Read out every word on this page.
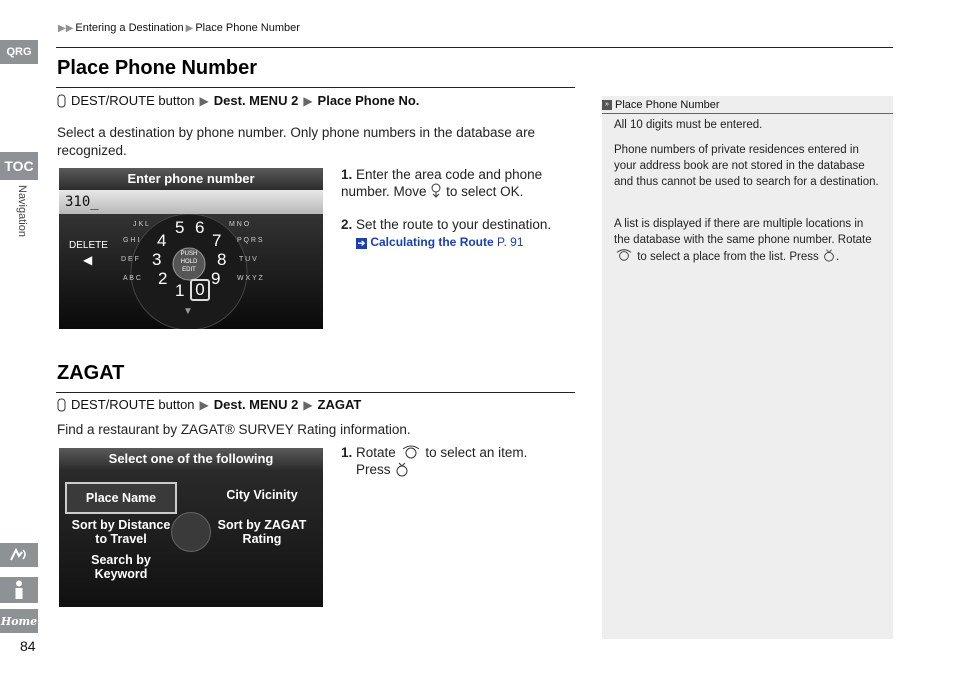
QRG
TOC
Navigation
Home
84
▶▶ Entering a Destination ▶ Place Phone Number
Place Phone Number
DEST/ROUTE button ▶ Dest. MENU 2 ▶ Place Phone No.
Select a destination by phone number. Only phone numbers in the database are recognized.
Enter phone number
310_
DELETE
◀	PUSH HOLD EDIT
J K L
G H I
D E F
A B C
M N O
P Q R S
T U V
W X Y Z
5 6
4	7
3	8
2	9
1 0
▼
1. Enter the area code and phone number. Move to select OK.
2. Set the route to your destination.
➔ Calculating the Route P. 91
ZAGAT
DEST/ROUTE button ▶ Dest. MENU 2 ▶ ZAGAT
Find a restaurant by ZAGAT® SURVEY Rating information.
Select one of the following
Place Name	City Vicinity
Sort by Distance to Travel
Sort by ZAGAT Rating
Search by Keyword
1. Rotate to select an item.
Press
» Place Phone Number
All 10 digits must be entered.
Phone numbers of private residences entered in your address book are not stored in the database and thus cannot be used to search for a destination.
A list is displayed if there are multiple locations in the database with the same phone number. Rotate  to select a place from the list. Press .
